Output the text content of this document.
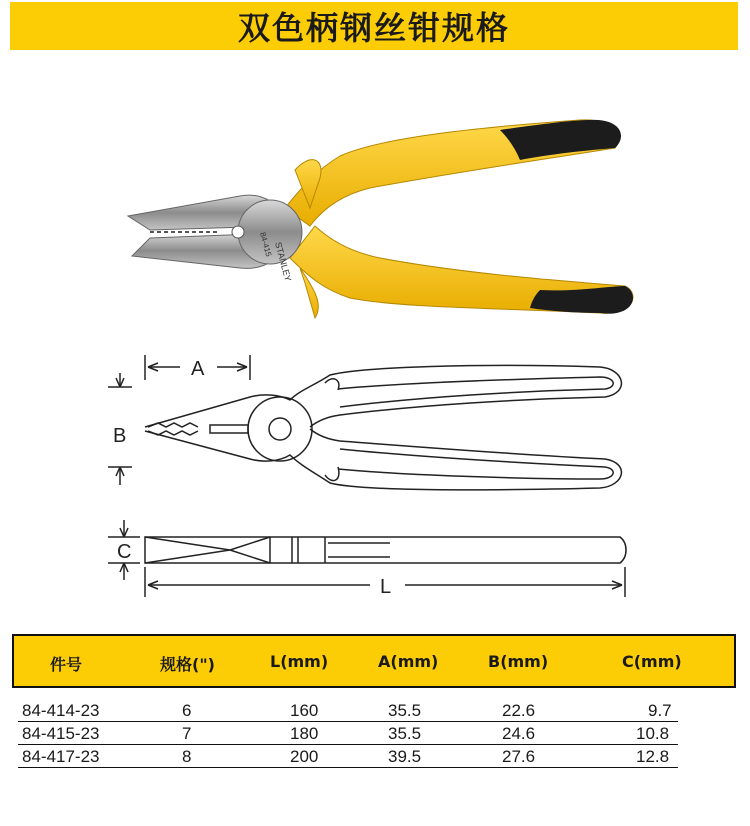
双色柄钢丝钳规格
STANLEY
84-415
A
B
C
L
件号	规格(")	L(mm)	A(mm)	B(mm)	C(mm)
84-414-23	6	160	35.5	22.6	9.7
84-415-23	7	180	35.5	24.6	10.8
84-417-23	8	200	39.5	27.6	12.8
